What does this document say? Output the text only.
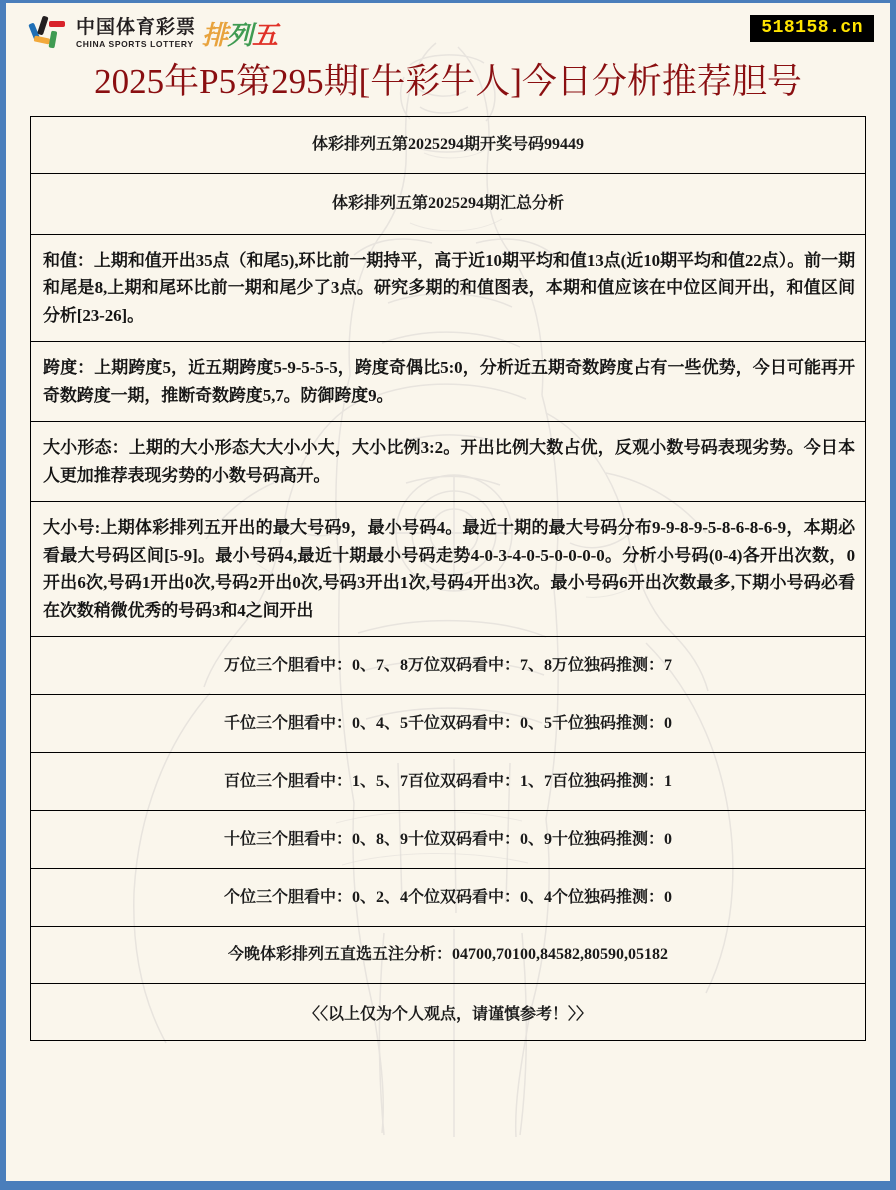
中国体育彩票
CHINA SPORTS LOTTERY 排列五	518158.cn
2025年P5第295期[牛彩牛人]今日分析推荐胆号
体彩排列五第2025294期开奖号码99449

体彩排列五第2025294期汇总分析

和值：上期和值开出35点（和尾5),环比前一期持平，高于近10期平均和值13点(近10期平均和值22点）。前一期和尾是8,上期和尾环比前一期和尾少了3点。研究多期的和值图表，本期和值应该在中位区间开出，和值区间分析[23-26]。

跨度：上期跨度5，近五期跨度5-9-5-5-5，跨度奇偶比5:0，分析近五期奇数跨度占有一些优势，今日可能再开奇数跨度一期，推断奇数跨度5,7。防御跨度9。

大小形态：上期的大小形态大大小小大，大小比例3:2。开出比例大数占优，反观小数号码表现劣势。今日本人更加推荐表现劣势的小数号码高开。

大小号:上期体彩排列五开出的最大号码9，最小号码4。最近十期的最大号码分布9-9-8-9-5-8-6-8-6-9，本期必看最大号码区间[5-9]。最小号码4,最近十期最小号码走势4-0-3-4-0-5-0-0-0-0。分析小号码(0-4)各开出次数，0开出6次,号码1开出0次,号码2开出0次,号码3开出1次,号码4开出3次。最小号码6开出次数最多,下期小号码必看在次数稍微优秀的号码3和4之间开出

万位三个胆看中：0、7、8万位双码看中：7、8万位独码推测：7

千位三个胆看中：0、4、5千位双码看中：0、5千位独码推测：0

百位三个胆看中：1、5、7百位双码看中：1、7百位独码推测：1

十位三个胆看中：0、8、9十位双码看中：0、9十位独码推测：0

个位三个胆看中：0、2、4个位双码看中：0、4个位独码推测：0

今晚体彩排列五直选五注分析：04700,70100,84582,80590,05182

〈〈以上仅为个人观点，请谨慎参考！〉〉
